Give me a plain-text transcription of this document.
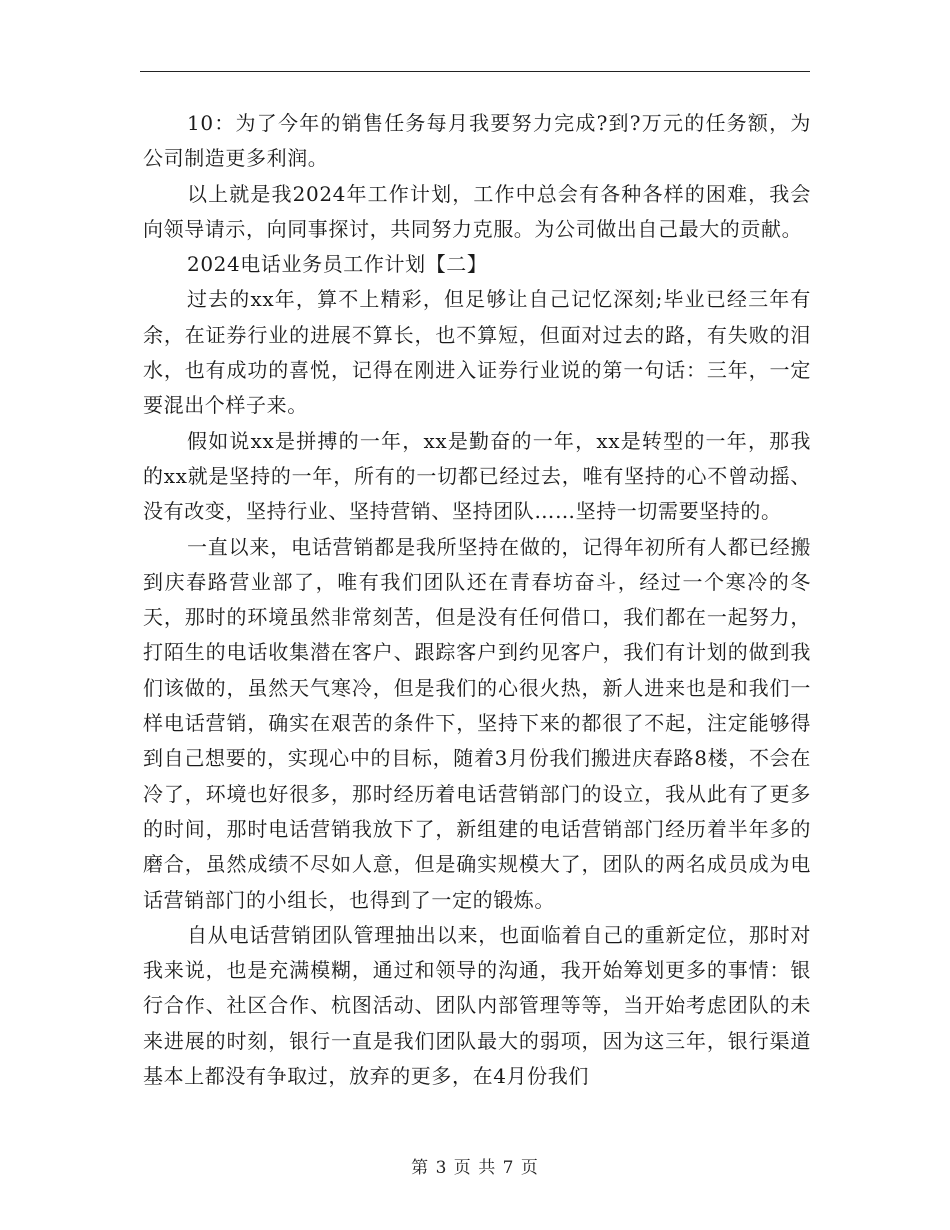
10：为了今年的销售任务每月我要努力完成?到?万元的任务额，为公司制造更多利润。

以上就是我2024年工作计划，工作中总会有各种各样的困难，我会向领导请示，向同事探讨，共同努力克服。为公司做出自己最大的贡献。

2024电话业务员工作计划【二】

过去的xx年，算不上精彩，但足够让自己记忆深刻;毕业已经三年有余，在证券行业的进展不算长，也不算短，但面对过去的路，有失败的泪水，也有成功的喜悦，记得在刚进入证券行业说的第一句话：三年，一定要混出个样子来。

假如说xx是拼搏的一年，xx是勤奋的一年，xx是转型的一年，那我的xx就是坚持的一年，所有的一切都已经过去，唯有坚持的心不曾动摇、没有改变，坚持行业、坚持营销、坚持团队……坚持一切需要坚持的。

一直以来，电话营销都是我所坚持在做的，记得年初所有人都已经搬到庆春路营业部了，唯有我们团队还在青春坊奋斗，经过一个寒冷的冬天，那时的环境虽然非常刻苦，但是没有任何借口，我们都在一起努力，打陌生的电话收集潜在客户、跟踪客户到约见客户，我们有计划的做到我们该做的，虽然天气寒冷，但是我们的心很火热，新人进来也是和我们一样电话营销，确实在艰苦的条件下，坚持下来的都很了不起，注定能够得到自己想要的，实现心中的目标，随着3月份我们搬进庆春路8楼，不会在冷了，环境也好很多，那时经历着电话营销部门的设立，我从此有了更多的时间，那时电话营销我放下了，新组建的电话营销部门经历着半年多的磨合，虽然成绩不尽如人意，但是确实规模大了，团队的两名成员成为电话营销部门的小组长，也得到了一定的锻炼。

自从电话营销团队管理抽出以来，也面临着自己的重新定位，那时对我来说，也是充满模糊，通过和领导的沟通，我开始筹划更多的事情：银行合作、社区合作、杭图活动、团队内部管理等等，当开始考虑团队的未来进展的时刻，银行一直是我们团队最大的弱项，因为这三年，银行渠道基本上都没有争取过，放弃的更多，在4月份我们

第 3 页 共 7 页
